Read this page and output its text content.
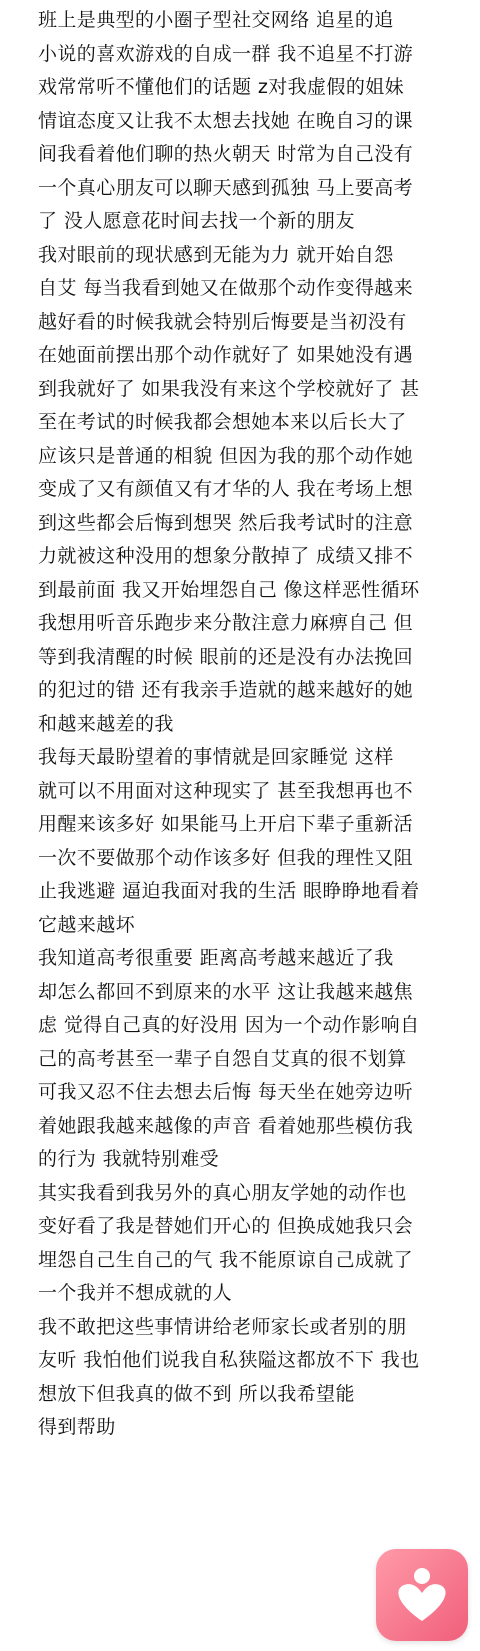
班上是典型的小圈子型社交网络 追星的追
小说的喜欢游戏的自成一群 我不追星不打游
戏常常听不懂他们的话题 z对我虚假的姐妹
情谊态度又让我不太想去找她 在晚自习的课
间我看着他们聊的热火朝天 时常为自己没有
一个真心朋友可以聊天感到孤独 马上要高考
了 没人愿意花时间去找一个新的朋友

我对眼前的现状感到无能为力 就开始自怨
自艾 每当我看到她又在做那个动作变得越来
越好看的时候我就会特别后悔要是当初没有
在她面前摆出那个动作就好了 如果她没有遇
到我就好了 如果我没有来这个学校就好了 甚
至在考试的时候我都会想她本来以后长大了
应该只是普通的相貌 但因为我的那个动作她
变成了又有颜值又有才华的人 我在考场上想
到这些都会后悔到想哭 然后我考试时的注意
力就被这种没用的想象分散掉了 成绩又排不
到最前面 我又开始埋怨自己 像这样恶性循环
我想用听音乐跑步来分散注意力麻痹自己 但
等到我清醒的时候 眼前的还是没有办法挽回
的犯过的错 还有我亲手造就的越来越好的她
和越来越差的我

我每天最盼望着的事情就是回家睡觉 这样
就可以不用面对这种现实了 甚至我想再也不
用醒来该多好 如果能马上开启下辈子重新活
一次不要做那个动作该多好 但我的理性又阻
止我逃避 逼迫我面对我的生活 眼睁睁地看着
它越来越坏

我知道高考很重要 距离高考越来越近了我
却怎么都回不到原来的水平 这让我越来越焦
虑 觉得自己真的好没用 因为一个动作影响自
己的高考甚至一辈子自怨自艾真的很不划算
可我又忍不住去想去后悔 每天坐在她旁边听
着她跟我越来越像的声音 看着她那些模仿我
的行为 我就特别难受

其实我看到我另外的真心朋友学她的动作也
变好看了我是替她们开心的 但换成她我只会
埋怨自己生自己的气 我不能原谅自己成就了
一个我并不想成就的人

我不敢把这些事情讲给老师家长或者别的朋
友听 我怕他们说我自私狭隘这都放不下 我也
想放下但我真的做不到 所以我希望能
得到帮助
